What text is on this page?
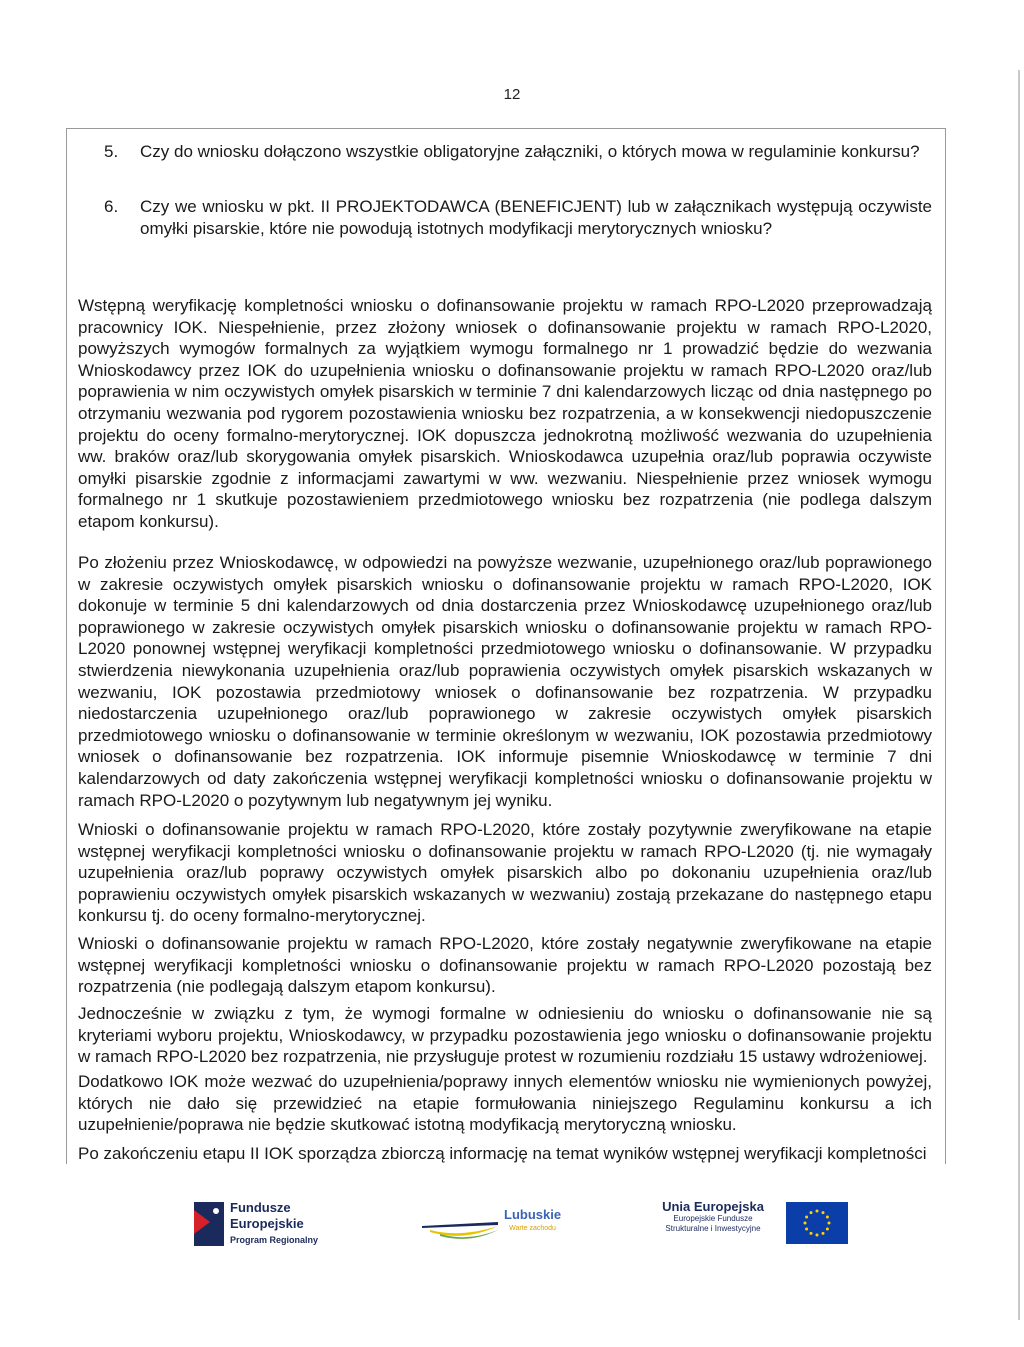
12
5. Czy do wniosku dołączono wszystkie obligatoryjne załączniki, o których mowa w regulaminie konkursu?
6. Czy we wniosku w pkt. II PROJEKTODAWCA (BENEFICJENT) lub w załącznikach występują oczywiste omyłki pisarskie, które nie powodują istotnych modyfikacji merytorycznych wniosku?
Wstępną weryfikację kompletności wniosku o dofinansowanie projektu w ramach RPO-L2020 przeprowadzają pracownicy IOK. Niespełnienie, przez złożony wniosek o dofinansowanie projektu w ramach RPO-L2020, powyższych wymogów formalnych za wyjątkiem wymogu formalnego nr 1 prowadzić będzie do wezwania Wnioskodawcy przez IOK do uzupełnienia wniosku o dofinansowanie projektu w ramach RPO-L2020 oraz/lub poprawienia w nim oczywistych omyłek pisarskich w terminie 7 dni kalendarzowych licząc od dnia następnego po otrzymaniu wezwania pod rygorem pozostawienia wniosku bez rozpatrzenia, a w konsekwencji niedopuszczenie projektu do oceny formalno-merytorycznej. IOK dopuszcza jednokrotną możliwość wezwania do uzupełnienia ww. braków oraz/lub skorygowania omyłek pisarskich. Wnioskodawca uzupełnia oraz/lub poprawia oczywiste omyłki pisarskie zgodnie z informacjami zawartymi w ww. wezwaniu. Niespełnienie przez wniosek wymogu formalnego nr 1 skutkuje pozostawieniem przedmiotowego wniosku bez rozpatrzenia (nie podlega dalszym etapom konkursu).
Po złożeniu przez Wnioskodawcę, w odpowiedzi na powyższe wezwanie, uzupełnionego oraz/lub poprawionego w zakresie oczywistych omyłek pisarskich wniosku o dofinansowanie projektu w ramach RPO-L2020, IOK dokonuje w terminie 5 dni kalendarzowych od dnia dostarczenia przez Wnioskodawcę uzupełnionego oraz/lub poprawionego w zakresie oczywistych omyłek pisarskich wniosku o dofinansowanie projektu w ramach RPO-L2020 ponownej wstępnej weryfikacji kompletności przedmiotowego wniosku o dofinansowanie. W przypadku stwierdzenia niewykonania uzupełnienia oraz/lub poprawienia oczywistych omyłek pisarskich wskazanych w wezwaniu, IOK pozostawia przedmiotowy wniosek o dofinansowanie bez rozpatrzenia. W przypadku niedostarczenia uzupełnionego oraz/lub poprawionego w zakresie oczywistych omyłek pisarskich przedmiotowego wniosku o dofinansowanie w terminie określonym w wezwaniu, IOK pozostawia przedmiotowy wniosek o dofinansowanie bez rozpatrzenia. IOK informuje pisemnie Wnioskodawcę w terminie 7 dni kalendarzowych od daty zakończenia wstępnej weryfikacji kompletności wniosku o dofinansowanie projektu w ramach RPO-L2020 o pozytywnym lub negatywnym jej wyniku.
Wnioski o dofinansowanie projektu w ramach RPO-L2020, które zostały pozytywnie zweryfikowane na etapie wstępnej weryfikacji kompletności wniosku o dofinansowanie projektu w ramach RPO-L2020 (tj. nie wymagały uzupełnienia oraz/lub poprawy oczywistych omyłek pisarskich albo po dokonaniu uzupełnienia oraz/lub poprawieniu oczywistych omyłek pisarskich wskazanych w wezwaniu) zostają przekazane do następnego etapu konkursu tj. do oceny formalno-merytorycznej.
Wnioski o dofinansowanie projektu w ramach RPO-L2020, które zostały negatywnie zweryfikowane na etapie wstępnej weryfikacji kompletności wniosku o dofinansowanie projektu w ramach RPO-L2020 pozostają bez rozpatrzenia (nie podlegają dalszym etapom konkursu).
Jednocześnie w związku z tym, że wymogi formalne w odniesieniu do wniosku o dofinansowanie nie są kryteriami wyboru projektu, Wnioskodawcy, w przypadku pozostawienia jego wniosku o dofinansowanie projektu w ramach RPO-L2020 bez rozpatrzenia, nie przysługuje protest w rozumieniu rozdziału 15 ustawy wdrożeniowej.
Dodatkowo IOK może wezwać do uzupełnienia/poprawy innych elementów wniosku nie wymienionych powyżej, których nie dało się przewidzieć na etapie formułowania niniejszego Regulaminu konkursu a ich uzupełnienie/poprawa nie będzie skutkować istotną modyfikacją merytoryczną wniosku.
Po zakończeniu etapu II IOK sporządza zbiorczą informację na temat wyników wstępnej weryfikacji kompletności
Fundusze
Europejskie
Program Regionalny
Lubuskie
Warte zachodu
Unia Europejska
Europejskie Fundusze
Strukturalne i Inwestycyjne
